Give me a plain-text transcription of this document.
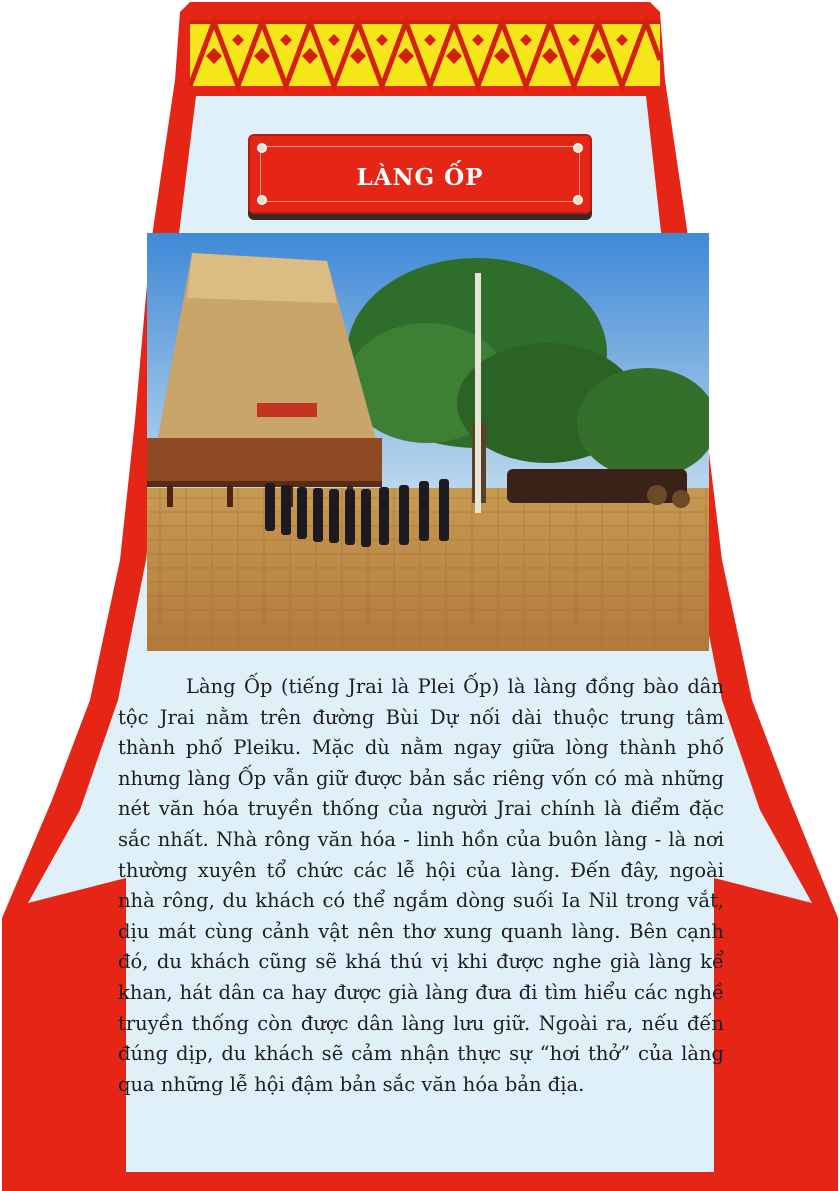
LÀNG ỐP

Làng Ốp (tiếng Jrai là Plei Ốp) là làng đồng bào dân tộc Jrai nằm trên đường Bùi Dự nối dài thuộc trung tâm thành phố Pleiku. Mặc dù nằm ngay giữa lòng thành phố nhưng làng Ốp vẫn giữ được bản sắc riêng vốn có mà những nét văn hóa truyền thống của người Jrai chính là điểm đặc sắc nhất. Nhà rông văn hóa - linh hồn của buôn làng - là nơi thường xuyên tổ chức các lễ hội của làng. Đến đây, ngoài nhà rông, du khách có thể ngắm dòng suối Ia Nil trong vắt, dịu mát cùng cảnh vật nên thơ xung quanh làng. Bên cạnh đó, du khách cũng sẽ khá thú vị khi được nghe già làng kể khan, hát dân ca hay được già làng đưa đi tìm hiểu các nghề truyền thống còn được dân làng lưu giữ. Ngoài ra, nếu đến đúng dịp, du khách sẽ cảm nhận thực sự “hơi thở” của làng qua những lễ hội đậm bản sắc văn hóa bản địa.
